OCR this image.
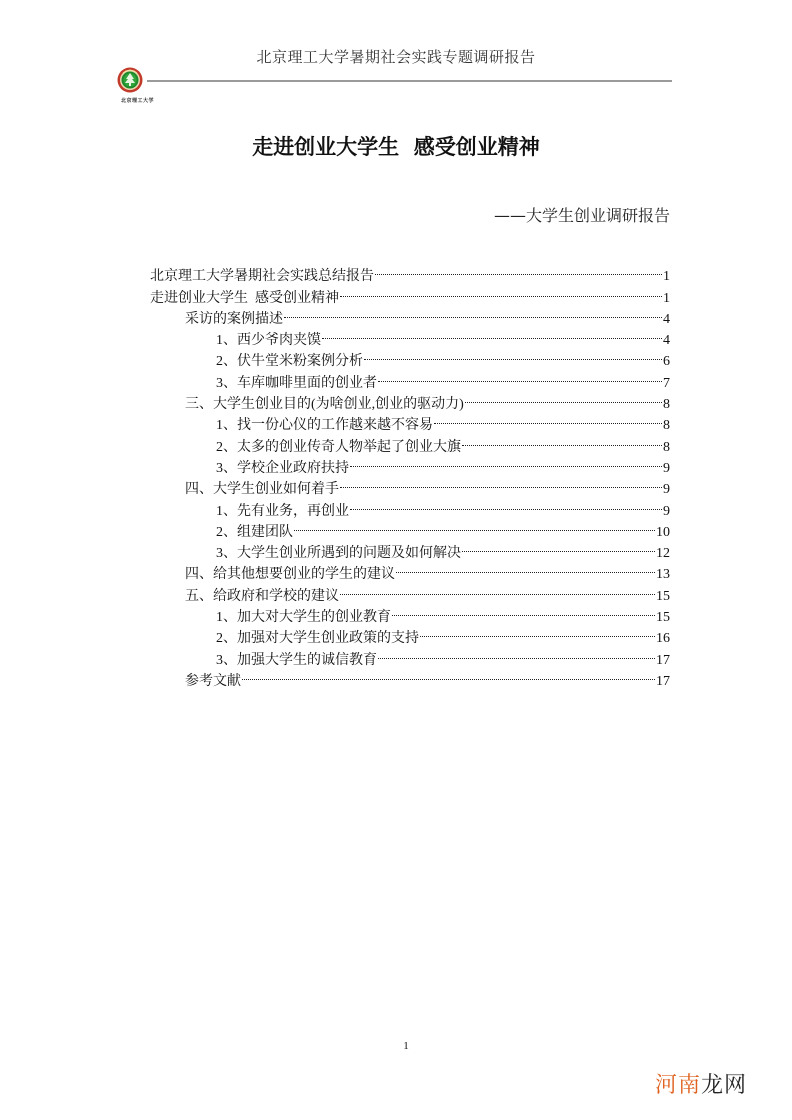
北京理工大学暑期社会实践专题调研报告
北京理工大学
走进创业大学生  感受创业精神
——大学生创业调研报告
北京理工大学暑期社会实践总结报告	1
走进创业大学生  感受创业精神	1
采访的案例描述	4
1、西少爷肉夹馍	4
2、伏牛堂米粉案例分析	6
3、车库咖啡里面的创业者	7
三、大学生创业目的(为啥创业,创业的驱动力)	8
1、找一份心仪的工作越来越不容易	8
2、太多的创业传奇人物举起了创业大旗	8
3、学校企业政府扶持	9
四、大学生创业如何着手	9
1、先有业务，再创业	9
2、组建团队	10
3、大学生创业所遇到的问题及如何解决	12
四、给其他想要创业的学生的建议	13
五、给政府和学校的建议	15
1、加大对大学生的创业教育	15
2、加强对大学生创业政策的支持	16
3、加强大学生的诚信教育	17
参考文献	17
1
河南龙网
